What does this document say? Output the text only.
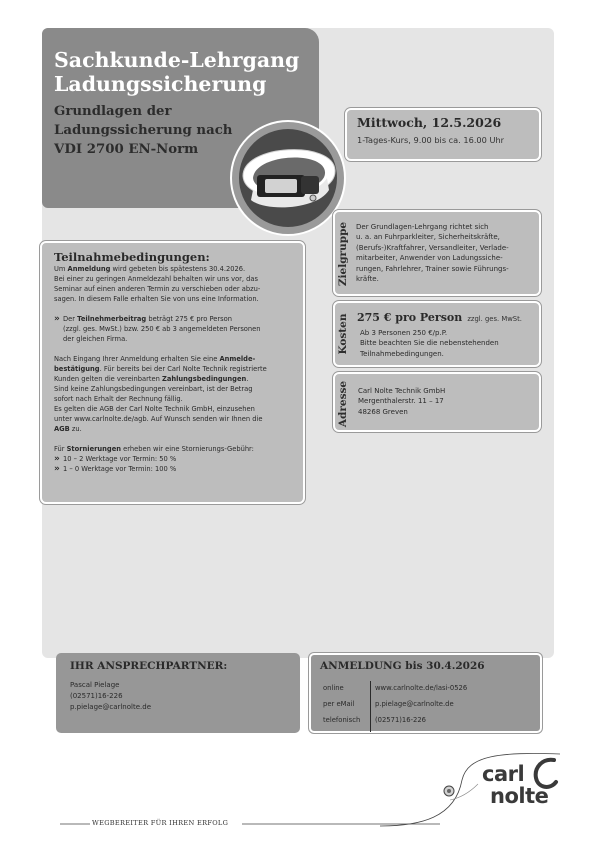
Sachkunde-Lehrgang
Ladungssicherung
Grundlagen der
Ladungssicherung nach
VDI 2700 EN-Norm
Mittwoch, 12.5.2026
1-Tages-Kurs, 9.00 bis ca. 16.00 Uhr
Zielgruppe Der Grundlagen-Lehrgang richtet sich
u. a. an Fuhrparkleiter, Sicherheitskräfte,
(Berufs-)Kraftfahrer, Versandleiter, Verlade-
mitarbeiter, Anwender von Ladungssiche-
rungen, Fahrlehrer, Trainer sowie Führungs-
kräfte.
Kosten 275 € pro Person zzgl. ges. MwSt.
Ab 3 Personen 250 €/p.P.
Bitte beachten Sie die nebenstehenden
Teilnahmebedingungen.
Adresse Carl Nolte Technik GmbH
Mergenthalerstr. 11 – 17
48268 Greven
Teilnahmebedingungen:

Um Anmeldung wird gebeten bis spätestens 30.4.2026.

Bei einer zu geringen Anmeldezahl behalten wir uns vor, das

Seminar auf einen anderen Termin zu verschieben oder abzu-

sagen. In diesem Falle erhalten Sie von uns eine Information.

» Der Teilnehmerbeitrag beträgt 275 € pro Person

(zzgl. ges. MwSt.) bzw. 250 € ab 3 angemeldeten Personen

der gleichen Firma.

Nach Eingang Ihrer Anmeldung erhalten Sie eine Anmelde-

bestätigung. Für bereits bei der Carl Nolte Technik registrierte

Kunden gelten die vereinbarten Zahlungsbedingungen.

Sind keine Zahlungsbedingungen vereinbart, ist der Betrag

sofort nach Erhalt der Rechnung fällig.

Es gelten die AGB der Carl Nolte Technik GmbH, einzusehen

unter www.carlnolte.de/agb. Auf Wunsch senden wir Ihnen die

AGB zu.

Für Stornierungen erheben wir eine Stornierungs-Gebühr:

» 10 – 2 Werktage vor Termin: 50 %

» 1 – 0 Werktage vor Termin: 100 %

IHR ANSPRECHPARTNER:
Pascal Pielage
(02571)16-226
p.pielage@carlnolte.de
ANMELDUNG bis 30.4.2026
online	www.carlnolte.de/lasi-0526
per eMail	p.pielage@carlnolte.de
telefonisch (02571)16-226
carl
nolte
WEGBEREITER FÜR IHREN ERFOLG
